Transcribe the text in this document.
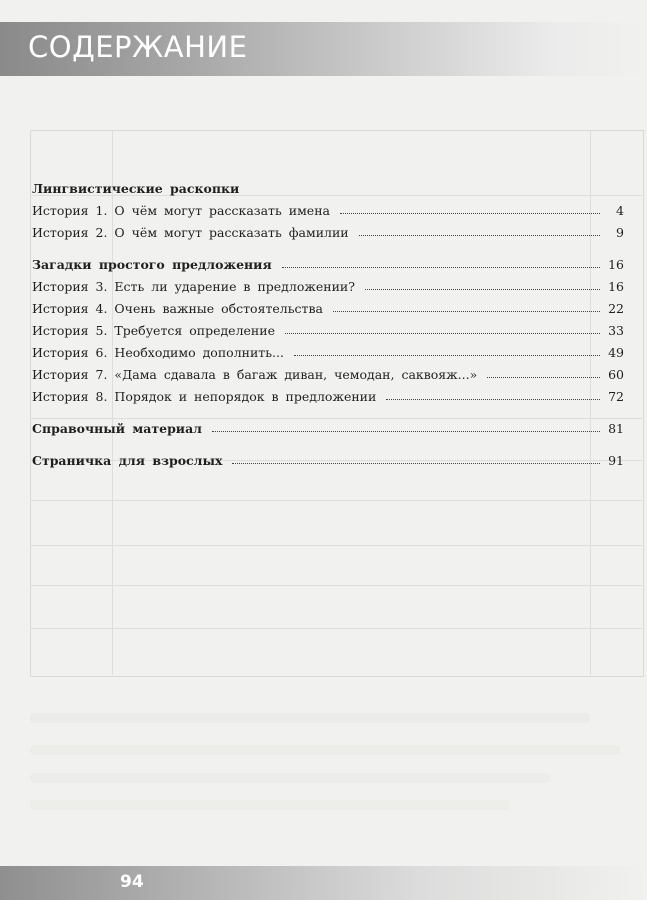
СОДЕРЖАНИЕ
Лингвистические раскопки
История 1. О чём могут рассказать имена	4
История 2. О чём могут рассказать фамилии	9
Загадки простого предложения	16
История 3. Есть ли ударение в предложении?	16
История 4. Очень важные обстоятельства	22
История 5. Требуется определение	33
История 6. Необходимо дополнить...	49
История 7. «Дама сдавала в багаж диван, чемодан, саквояж...»	60
История 8. Порядок и непорядок в предложении	72
Справочный материал	81
Страничка для взрослых	91
94
